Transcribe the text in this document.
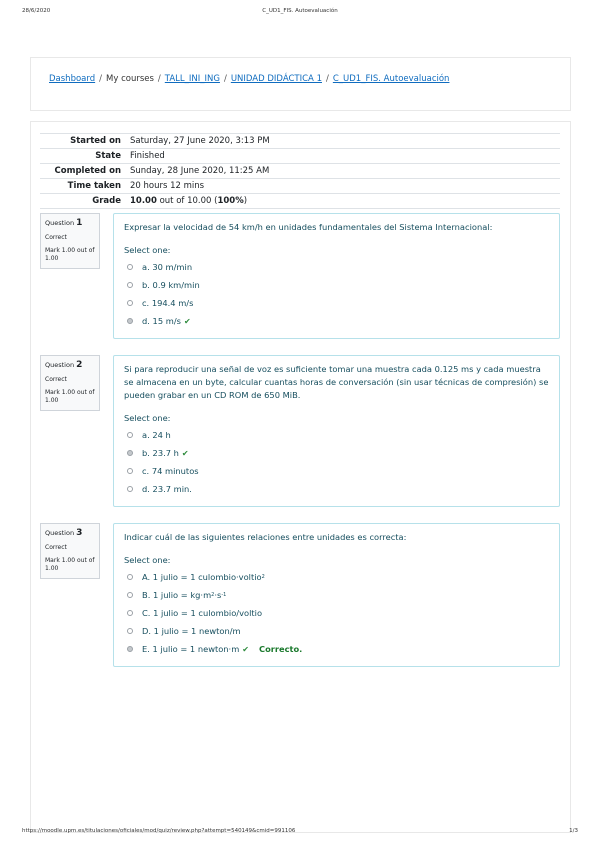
28/6/2020	C_UD1_FIS. Autoevaluación
Dashboard / My courses / TALL_INI_ING / UNIDAD DIDÁCTICA 1 / C_UD1_FIS. Autoevaluación
Started on	Saturday, 27 June 2020, 3:13 PM
State	Finished
Completed on	Sunday, 28 June 2020, 11:25 AM
Time taken	20 hours 12 mins
Grade	10.00 out of 10.00 (100%)
Question 1
Correct
Mark 1.00 out of 1.00
Expresar la velocidad de 54 km/h en unidades fundamentales del Sistema Internacional:
Select one:
a. 30 m/min
b. 0.9 km/min
c. 194.4 m/s
d. 15 m/s ✔
Question 2
Correct
Mark 1.00 out of 1.00
Si para reproducir una señal de voz es suficiente tomar una muestra cada 0.125 ms y cada muestra se almacena en un byte, calcular cuantas horas de conversación (sin usar técnicas de compresión) se pueden grabar en un CD ROM de 650 MiB.
Select one:
a. 24 h
b. 23.7 h ✔
c. 74 minutos
d. 23.7 min.
Question 3
Correct
Mark 1.00 out of 1.00
Indicar cuál de las siguientes relaciones entre unidades es correcta:
Select one:
A. 1 julio = 1 culombio·voltio 2
B. 1 julio = kg·m 2 ·s -1
C. 1 julio = 1 culombio/voltio
D. 1 julio = 1 newton/m
E. 1 julio = 1 newton·m ✔ Correcto.
https://moodle.upm.es/titulaciones/oficiales/mod/quiz/review.php?attempt=540149&cmid=991106	1/3
